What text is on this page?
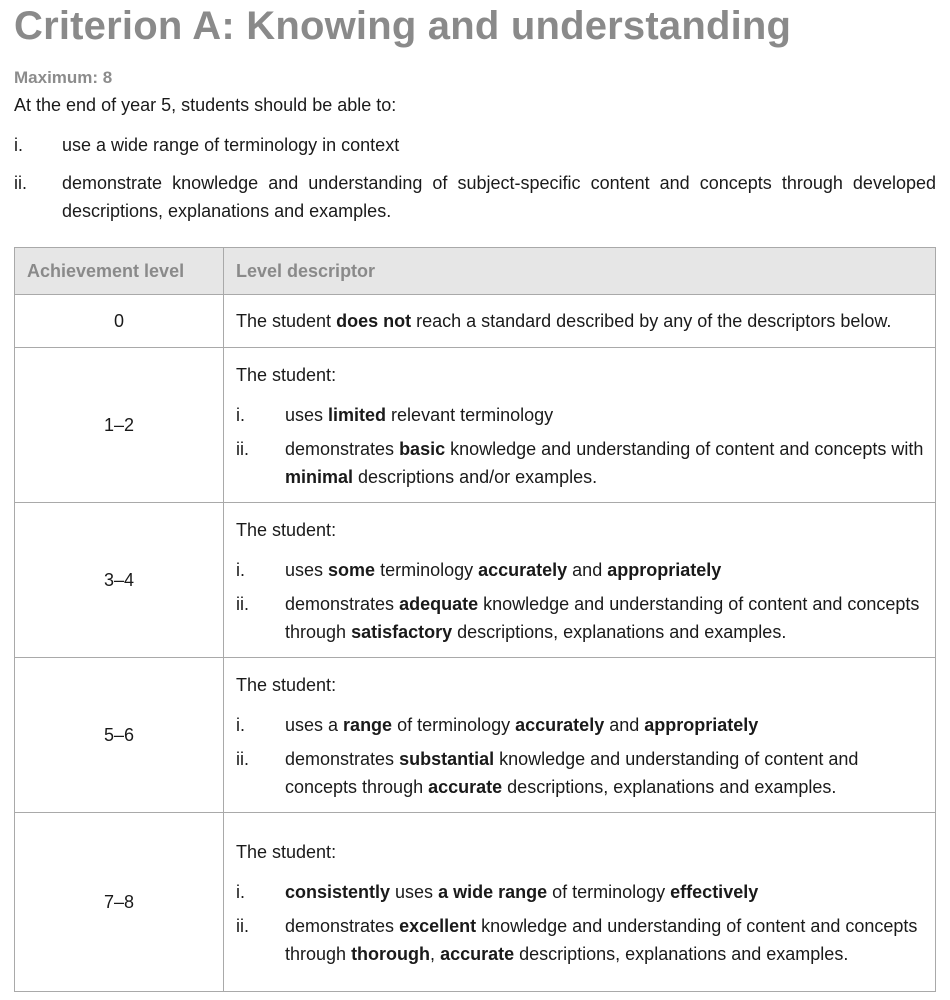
Criterion A: Knowing and understanding
Maximum: 8
At the end of year 5, students should be able to:
i.	use a wide range of terminology in context
ii.	demonstrate knowledge and understanding of subject-specific content and concepts through developed descriptions, explanations and examples.
Achievement level	Level descriptor
0	The student does not reach a standard described by any of the descriptors below.
1–2	The student:
i. uses limited relevant terminology
ii. demonstrates basic knowledge and understanding of content and concepts with minimal descriptions and/or examples.

3–4	The student:
i. uses some terminology accurately and appropriately
ii. demonstrates adequate knowledge and understanding of content and concepts through satisfactory descriptions, explanations and examples.

5–6	The student:
i. uses a range of terminology accurately and appropriately
ii. demonstrates substantial knowledge and understanding of content and concepts through accurate descriptions, explanations and examples.

7–8	The student:
i. consistently uses a wide range of terminology effectively
ii. demonstrates excellent knowledge and understanding of content and concepts through thorough, accurate descriptions, explanations and examples.
